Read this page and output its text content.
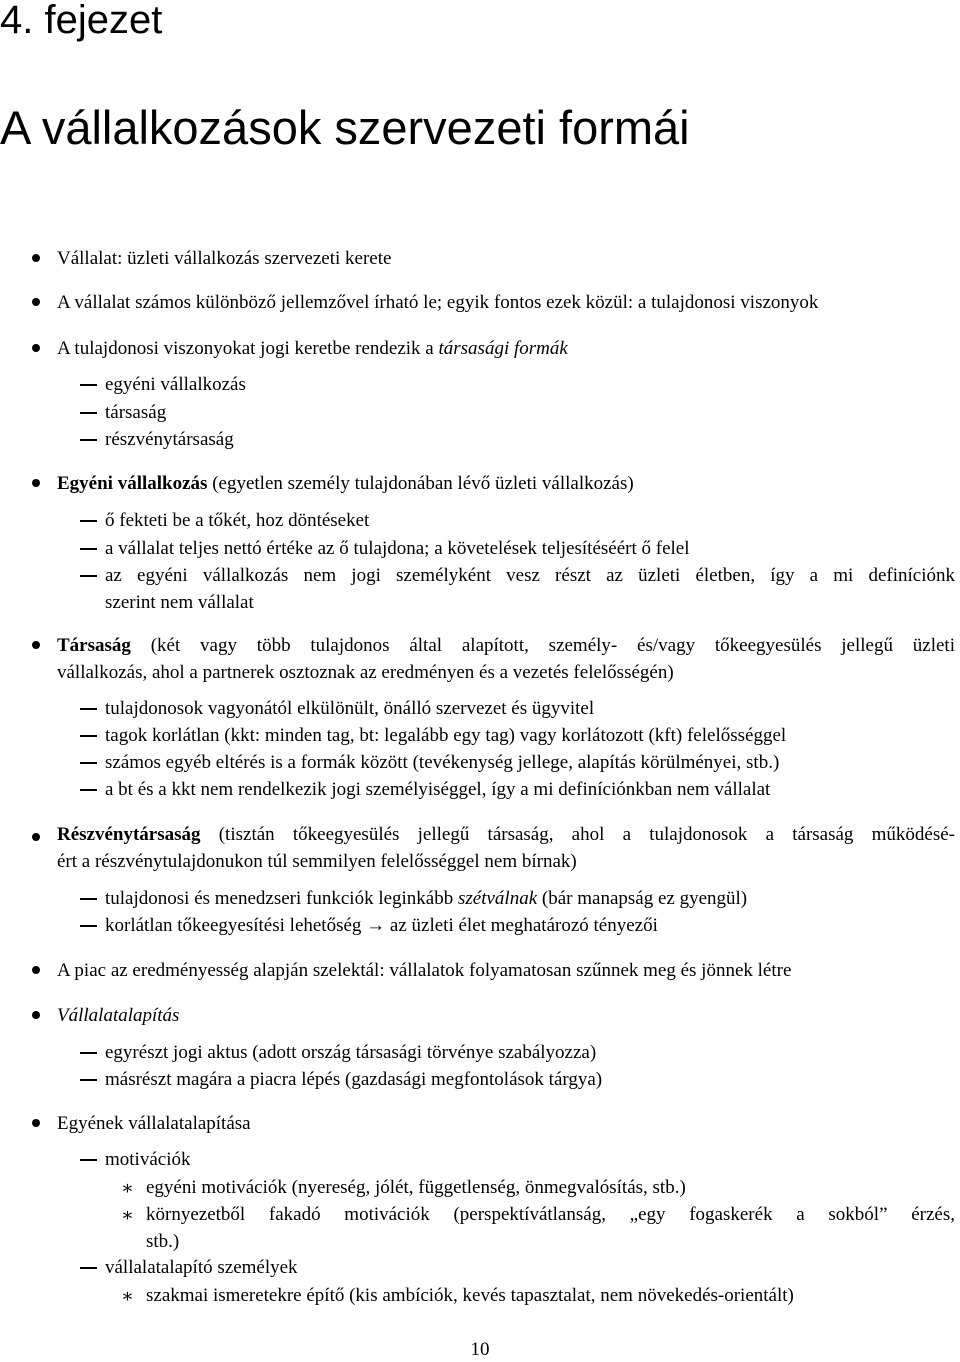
4. fejezet
A vállalkozások szervezeti formái
Vállalat: üzleti vállalkozás szervezeti kerete
A vállalat számos különböző jellemzővel írható le; egyik fontos ezek közül: a tulajdonosi viszonyok
A tulajdonosi viszonyokat jogi keretbe rendezik a társasági formák
egyéni vállalkozás
társaság
részvénytársaság
Egyéni vállalkozás (egyetlen személy tulajdonában lévő üzleti vállalkozás)
ő fekteti be a tőkét, hoz döntéseket
a vállalat teljes nettó értéke az ő tulajdona; a követelések teljesítéséért ő felel
az egyéni vállalkozás nem jogi személyként vesz részt az üzleti életben, így a mi definíciónk
szerint nem vállalat
Társaság (két vagy több tulajdonos által alapított, személy- és/vagy tőkeegyesülés jellegű üzleti
vállalkozás, ahol a partnerek osztoznak az eredményen és a vezetés felelősségén)
tulajdonosok vagyonától elkülönült, önálló szervezet és ügyvitel
tagok korlátlan (kkt: minden tag, bt: legalább egy tag) vagy korlátozott (kft) felelősséggel
számos egyéb eltérés is a formák között (tevékenység jellege, alapítás körülményei, stb.)
a bt és a kkt nem rendelkezik jogi személyiséggel, így a mi definíciónkban nem vállalat
Részvénytársaság (tisztán tőkeegyesülés jellegű társaság, ahol a tulajdonosok a társaság működésé-
ért a részvénytulajdonukon túl semmilyen felelősséggel nem bírnak)
tulajdonosi és menedzseri funkciók leginkább szétválnak (bár manapság ez gyengül)
korlátlan tőkeegyesítési lehetőség → az üzleti élet meghatározó tényezői
A piac az eredményesség alapján szelektál: vállalatok folyamatosan szűnnek meg és jönnek létre
Vállalatalapítás
egyrészt jogi aktus (adott ország társasági törvénye szabályozza)
másrészt magára a piacra lépés (gazdasági megfontolások tárgya)
Egyének vállalatalapítása
motivációk
∗ egyéni motivációk (nyereség, jólét, függetlenség, önmegvalósítás, stb.)
∗ környezetből fakadó motivációk (perspektívátlanság, „egy fogaskerék a sokból” érzés,
stb.)
vállalatalapító személyek
∗ szakmai ismeretekre építő (kis ambíciók, kevés tapasztalat, nem növekedés-orientált)
10
